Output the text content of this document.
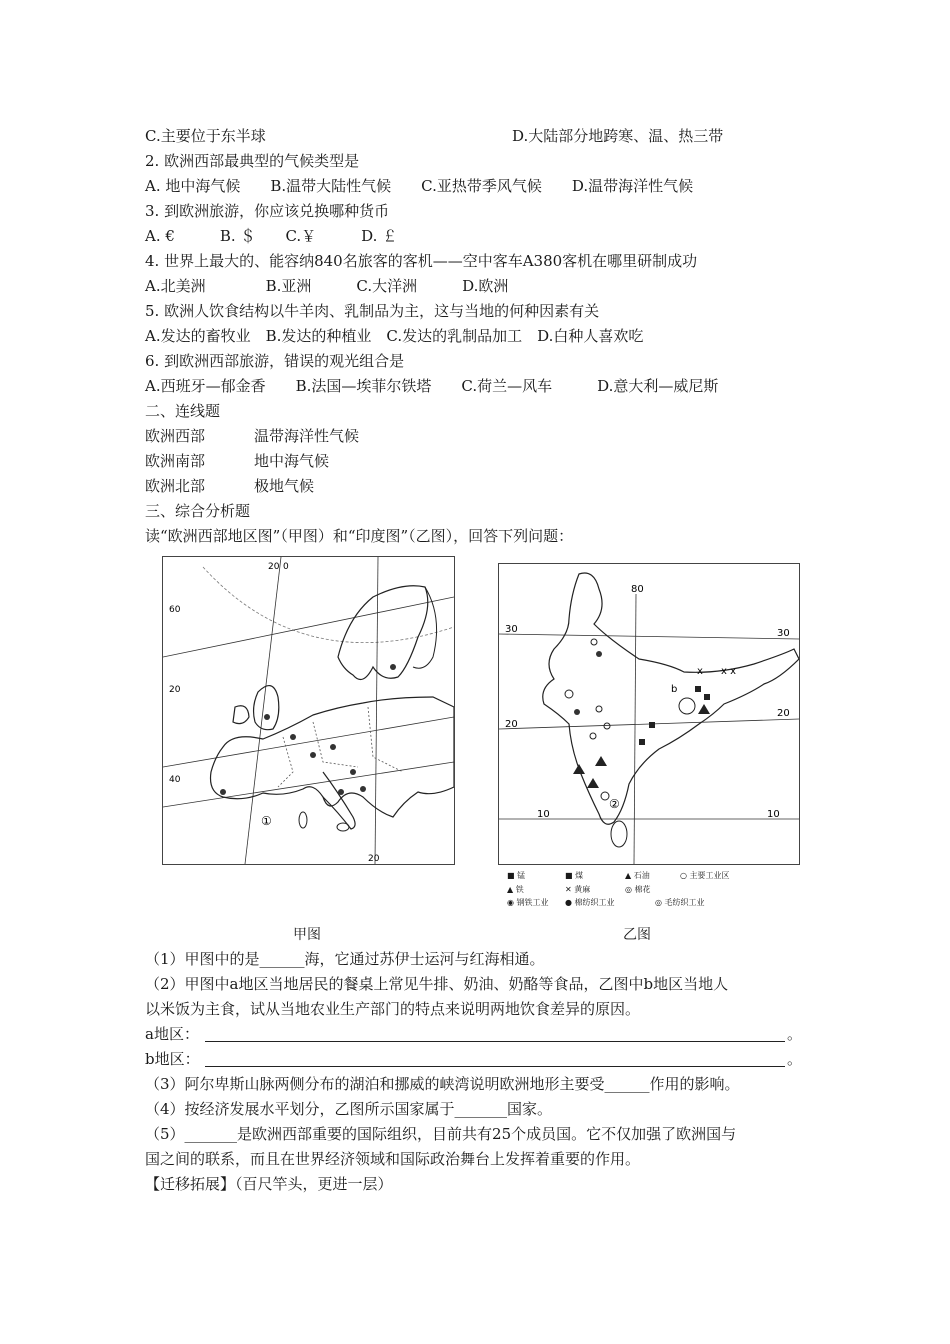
C.主要位于东半球	D.大陆部分地跨寒、温、热三带
2. 欧洲西部最典型的气候类型是
A. 地中海气候　　B.温带大陆性气候　　C.亚热带季风气候　　D.温带海洋性气候
3. 到欧洲旅游，你应该兑换哪种货币
A. €　　　B. ＄　　C.￥　　　D. ￡
4. 世界上最大的、能容纳840名旅客的客机——空中客车A380客机在哪里研制成功
A.北美洲　　　　B.亚洲　　　C.大洋洲　　　D.欧洲
5. 欧洲人饮食结构以牛羊肉、乳制品为主，这与当地的何种因素有关
A.发达的畜牧业　B.发达的种植业　C.发达的乳制品加工　D.白种人喜欢吃
6. 到欧洲西部旅游，错误的观光组合是
A.西班牙—郁金香　　B.法国—埃菲尔铁塔　　C.荷兰—风车　　　D.意大利—威尼斯
二、连线题
欧洲西部	温带海洋性气候
欧洲南部	地中海气候
欧洲北部	极地气候
三、综合分析题
读“欧洲西部地区图”（甲图）和“印度图”（乙图），回答下列问题：
20 0
60
20
40
20
①
②
x x x
b
80
30	30
20
20
10	10
■ 锰	■ 煤	▲ 石油	○ 主要工业区
▲ 铁	✕ 黄麻	◎ 棉花
◉ 钢铁工业 ● 棉纺织工业	◎ 毛纺织工业
甲图	乙图
（1）甲图中的是______海，它通过苏伊士运河与红海相通。
（2）甲图中a地区当地居民的餐桌上常见牛排、奶油、奶酪等食品，乙图中b地区当地人
以米饭为主食，试从当地农业生产部门的特点来说明两地饮食差异的原因。
a地区：	。
b地区：	。
（3）阿尔卑斯山脉两侧分布的湖泊和挪威的峡湾说明欧洲地形主要受______作用的影响。
（4）按经济发展水平划分，乙图所示国家属于_______国家。
（5）_______是欧洲西部重要的国际组织，目前共有25个成员国。它不仅加强了欧洲国与
国之间的联系，而且在世界经济领域和国际政治舞台上发挥着重要的作用。
【迁移拓展】（百尺竿头，更进一层）
